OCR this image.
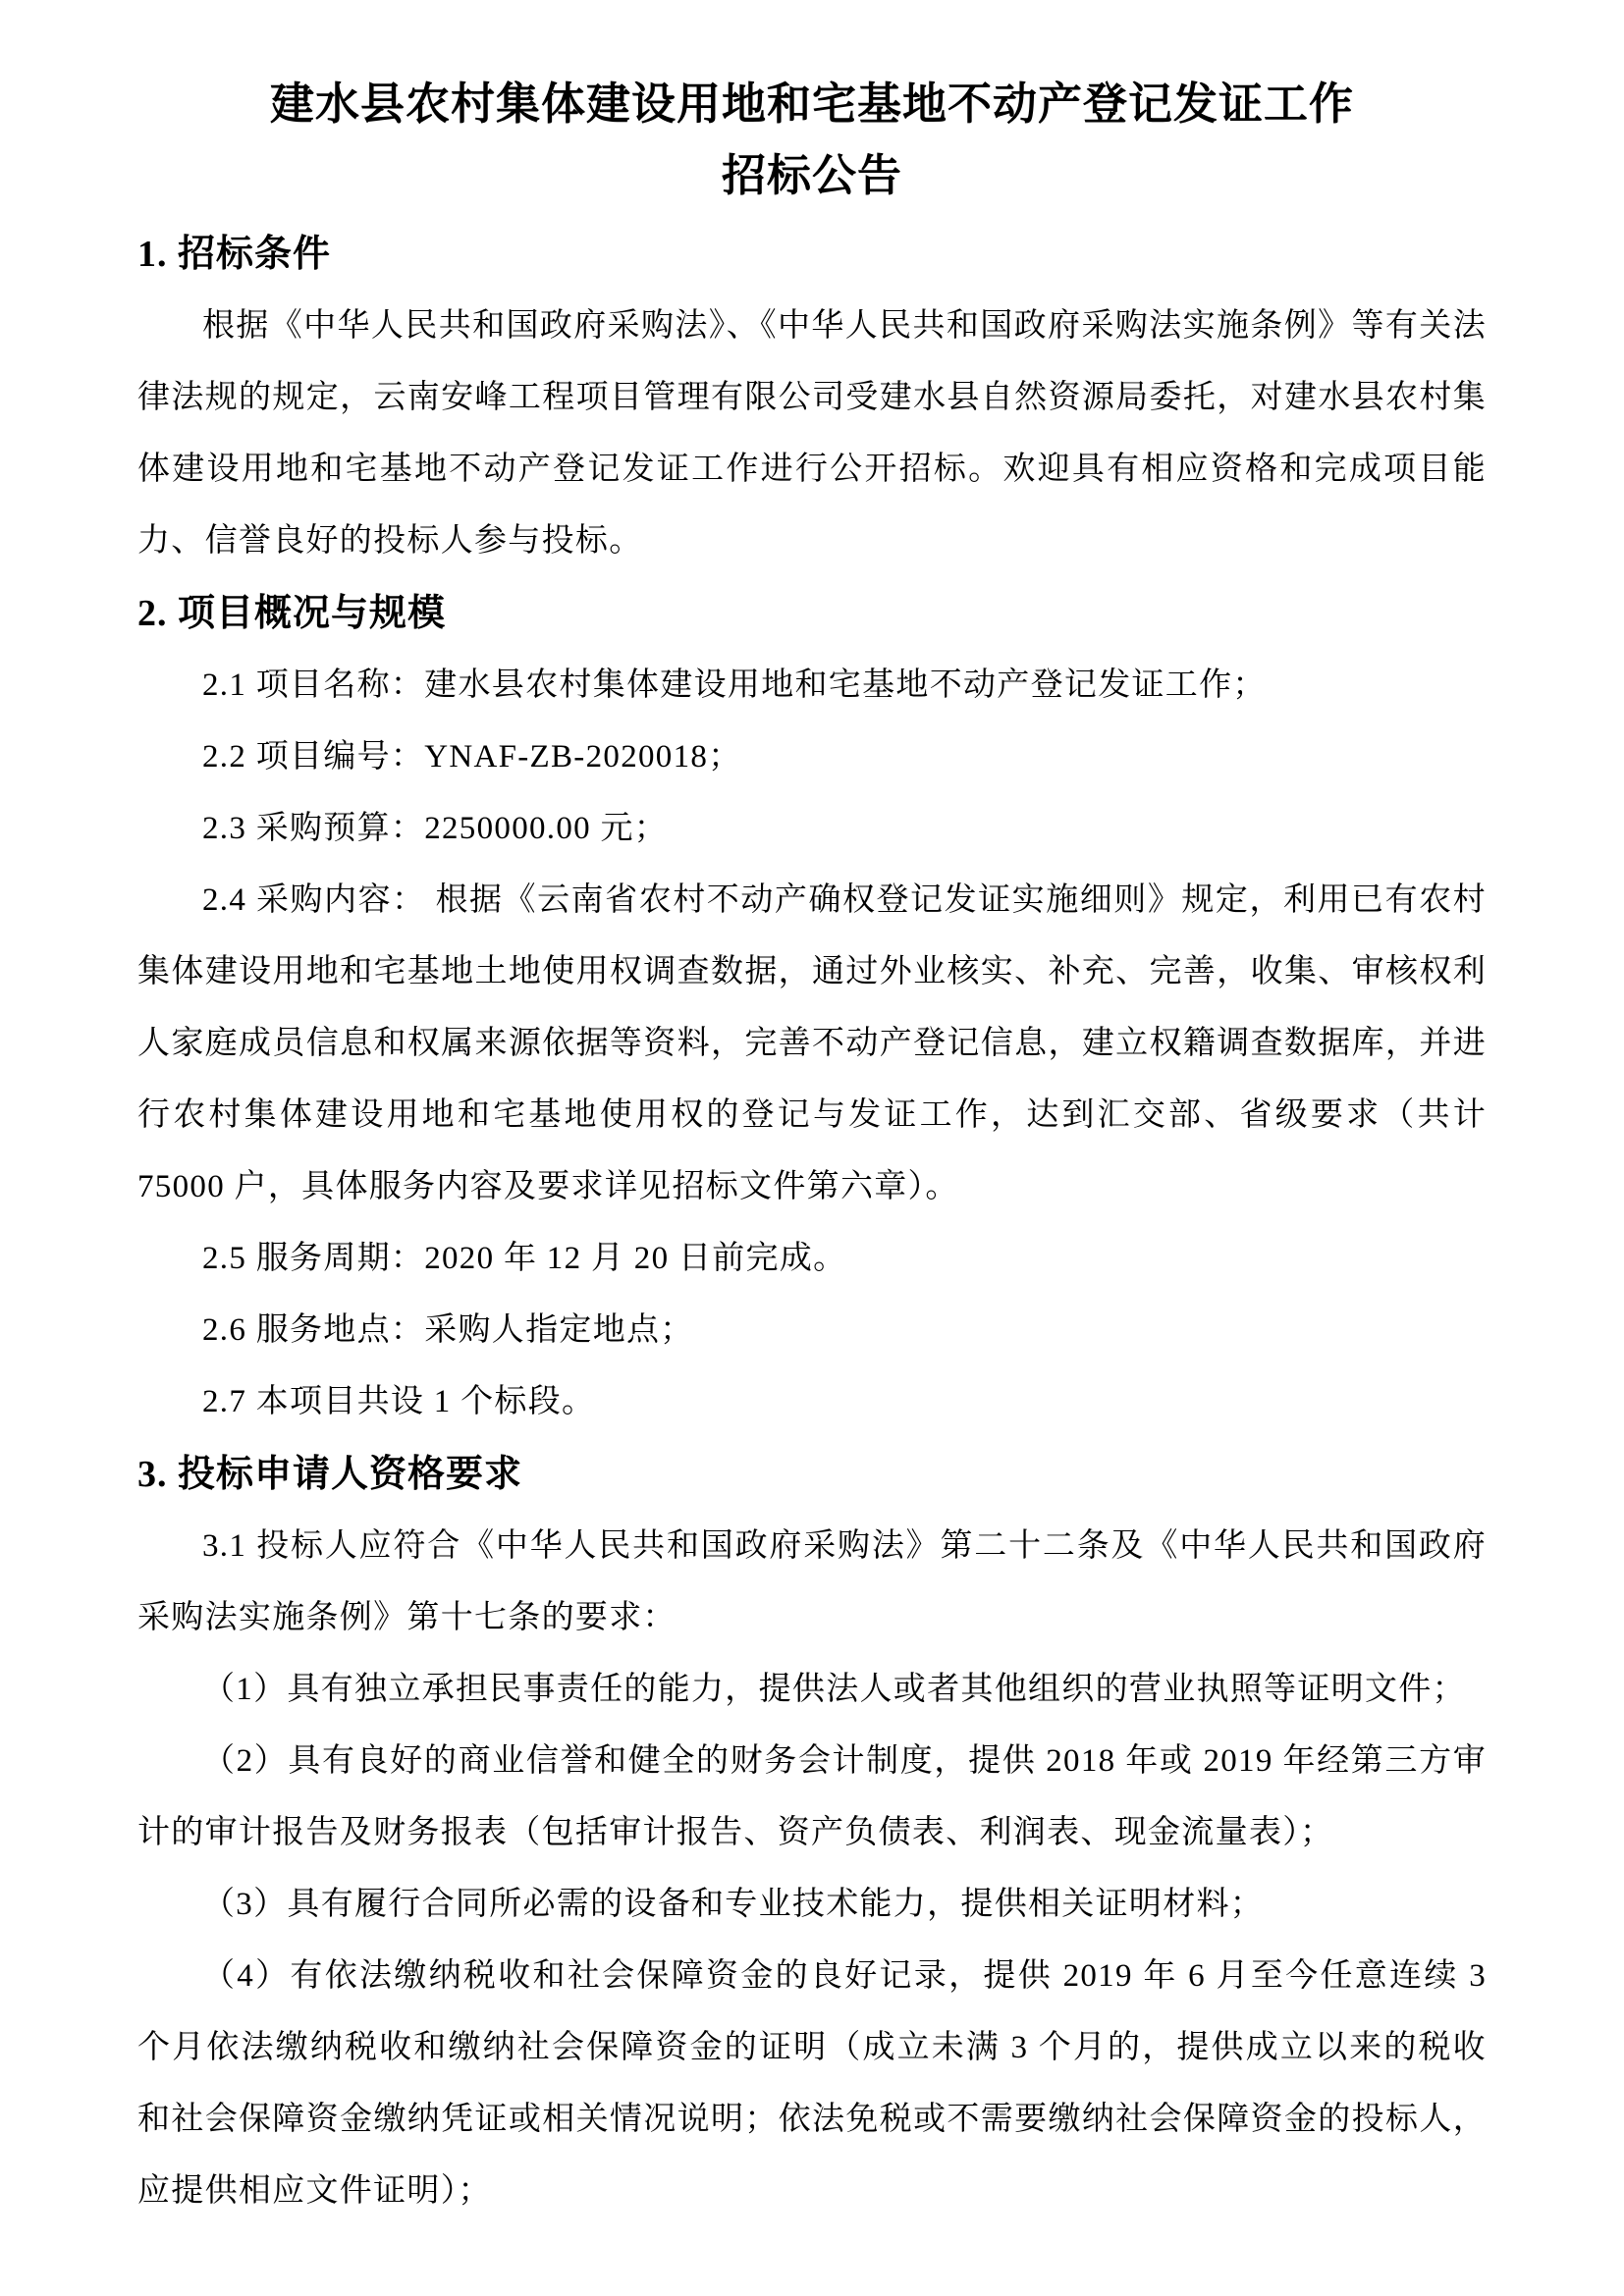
建水县农村集体建设用地和宅基地不动产登记发证工作
招标公告
1. 招标条件

根据《中华人民共和国政府采购法》、《中华人民共和国政府采购法实施条例》等有关法律法规的规定，云南安峰工程项目管理有限公司受建水县自然资源局委托，对建水县农村集体建设用地和宅基地不动产登记发证工作进行公开招标。欢迎具有相应资格和完成项目能力、信誉良好的投标人参与投标。

2. 项目概况与规模

2.1 项目名称：建水县农村集体建设用地和宅基地不动产登记发证工作；

2.2 项目编号：YNAF-ZB-2020018；

2.3 采购预算：2250000.00 元；

2.4 采购内容： 根据《云南省农村不动产确权登记发证实施细则》规定，利用已有农村集体建设用地和宅基地土地使用权调查数据，通过外业核实、补充、完善，收集、审核权利人家庭成员信息和权属来源依据等资料，完善不动产登记信息，建立权籍调查数据库，并进行农村集体建设用地和宅基地使用权的登记与发证工作，达到汇交部、省级要求（共计 75000 户，具体服务内容及要求详见招标文件第六章）。

2.5 服务周期：2020 年 12 月 20 日前完成。

2.6 服务地点：采购人指定地点；

2.7 本项目共设 1 个标段。

3. 投标申请人资格要求

3.1 投标人应符合《中华人民共和国政府采购法》第二十二条及《中华人民共和国政府采购法实施条例》第十七条的要求：

（1）具有独立承担民事责任的能力，提供法人或者其他组织的营业执照等证明文件；

（2）具有良好的商业信誉和健全的财务会计制度，提供 2018 年或 2019 年经第三方审计的审计报告及财务报表（包括审计报告、资产负债表、利润表、现金流量表）；

（3）具有履行合同所必需的设备和专业技术能力，提供相关证明材料；

（4）有依法缴纳税收和社会保障资金的良好记录，提供 2019 年 6 月至今任意连续 3 个月依法缴纳税收和缴纳社会保障资金的证明（成立未满 3 个月的，提供成立以来的税收和社会保障资金缴纳凭证或相关情况说明；依法免税或不需要缴纳社会保障资金的投标人，应提供相应文件证明）；
